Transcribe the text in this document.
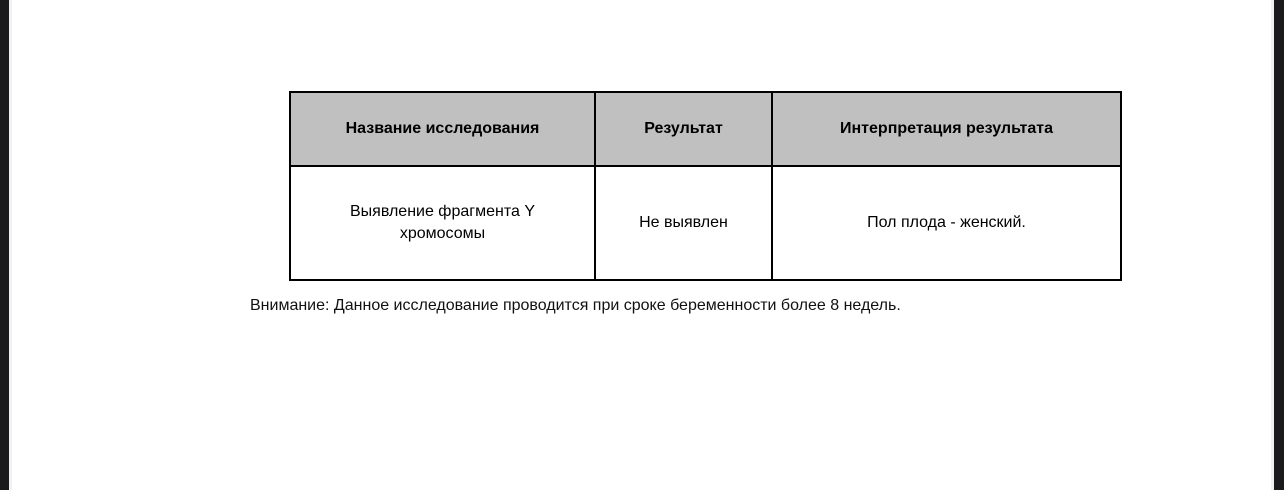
Название исследования	Результат	Интерпретация результата
Выявление фрагмента Y хромосомы	Не выявлен	Пол плода - женский.
Внимание: Данное исследование проводится при сроке беременности более 8 недель.
